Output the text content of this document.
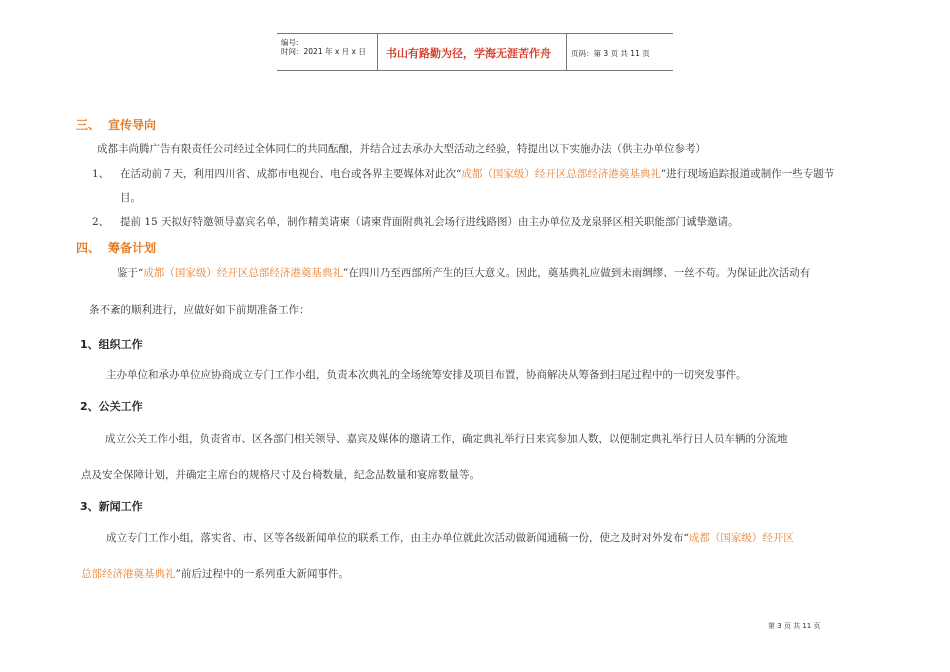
编号:
时间：2021 年 x 月 x 日 书山有路勤为径，学海无涯苦作舟	页码：第 3 页 共 11 页
三、 宣传导向
成都丰尚腾广告有限责任公司经过全体同仁的共同酝酿，并结合过去承办大型活动之经验，特提出以下实施办法（供主办单位参考）
1、 在活动前７天，利用四川省、成都市电视台、电台或各界主要媒体对此次“成都（国家级）经开区总部经济港奠基典礼”进行现场追踪报道或制作一些专题节
目。
2、 提前 15 天拟好特邀领导嘉宾名单，制作精美请柬（请柬背面附典礼会场行进线路图）由主办单位及龙泉驿区相关职能部门诚挚邀请。
四、 筹备计划
鉴于“成都（国家级）经开区总部经济港奠基典礼”在四川乃至西部所产生的巨大意义。因此，奠基典礼应做到未雨绸缪、一丝不苟。为保证此次活动有
条不紊的顺利进行，应做好如下前期准备工作：
1、组织工作
主办单位和承办单位应协商成立专门工作小组，负责本次典礼的全场统筹安排及项目布置，协商解决从筹备到扫尾过程中的一切突发事件。
2、公关工作
成立公关工作小组，负责省市、区各部门相关领导、嘉宾及媒体的邀请工作，确定典礼举行日来宾参加人数，以便制定典礼举行日人员车辆的分流地
点及安全保障计划，并确定主席台的规格尺寸及台椅数量，纪念品数量和宴席数量等。
3、新闻工作
成立专门工作小组，落实省、市、区等各级新闻单位的联系工作，由主办单位就此次活动做新闻通稿一份，使之及时对外发布“成都（国家级）经开区
总部经济港奠基典礼”前后过程中的一系列重大新闻事件。
第 3 页 共 11 页
